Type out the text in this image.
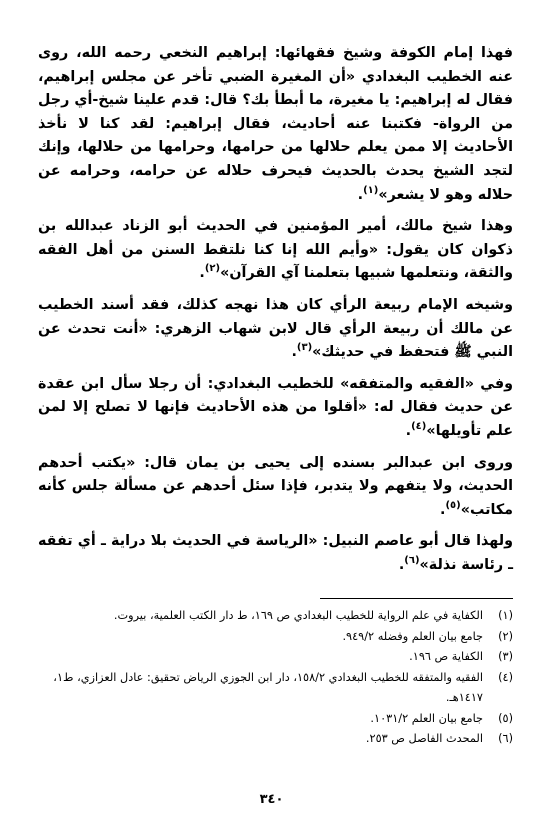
فهذا إمام الكوفة وشيخ فقهائها: إبراهيم النخعي رحمه الله، روى عنه الخطيب البغدادي «أن المغيرة الضبي تأخر عن مجلس إبراهيم، فقال له إبراهيم: يا مغيرة، ما أبطأ بك؟ قال: قدم علينا شيخ-أي رجل من الرواة- فكتبنا عنه أحاديث، فقال إبراهيم: لقد كنا لا نأخذ الأحاديث إلا ممن يعلم حلالها من حرامها، وحرامها من حلالها، وإنك لتجد الشيخ يحدث بالحديث فيحرف حلاله عن حرامه، وحرامه عن حلاله وهو لا يشعر»$^{(١)}$.

وهذا شيخ مالك، أمير المؤمنين في الحديث أبو الزناد عبدالله بن ذكوان كان يقول: «وأيم الله إنا كنا نلتقط السنن من أهل الفقه والثقة، ونتعلمها شبيها بتعلمنا آي القرآن»$^{(٢)}$.

وشيخه الإمام ربيعة الرأي كان هذا نهجه كذلك، فقد أسند الخطيب عن مالك أن ربيعة الرأي قال لابن شهاب الزهري: «أنت تحدث عن النبي ﷺ فتحفظ في حديثك»$^{(٣)}$.

وفي «الفقيه والمتفقه» للخطيب البغدادي: أن رجلا سأل ابن عقدة عن حديث فقال له: «أقلوا من هذه الأحاديث فإنها لا تصلح إلا لمن علم تأويلها»$^{(٤)}$.

وروى ابن عبدالبر بسنده إلى يحيى بن يمان قال: «يكتب أحدهم الحديث، ولا يتفهم ولا يتدبر، فإذا سئل أحدهم عن مسألة جلس كأنه مكاتب»$^{(٥)}$.

ولهذا قال أبو عاصم النبيل: «الرياسة في الحديث بلا دراية ـ أي تفقه ـ رئاسة نذلة»$^{(٦)}$.

(١)
الكفاية في علم الرواية للخطيب البغدادي ص ١٦٩، ط دار الكتب العلمية، بيروت.
(٢)
جامع بيان العلم وفضله ٩٤٩/٢.
(٣)
الكفاية ص ١٩٦.
(٤)
الفقيه والمتفقه للخطيب البغدادي ١٥٨/٢، دار ابن الجوزي الرياض تحقيق: عادل العزازي، ط١، ١٤١٧هـ.
(٥)
جامع بيان العلم ١٠٣١/٢.
(٦)
المحدث الفاصل ص ٢٥٣.
٣٤٠
